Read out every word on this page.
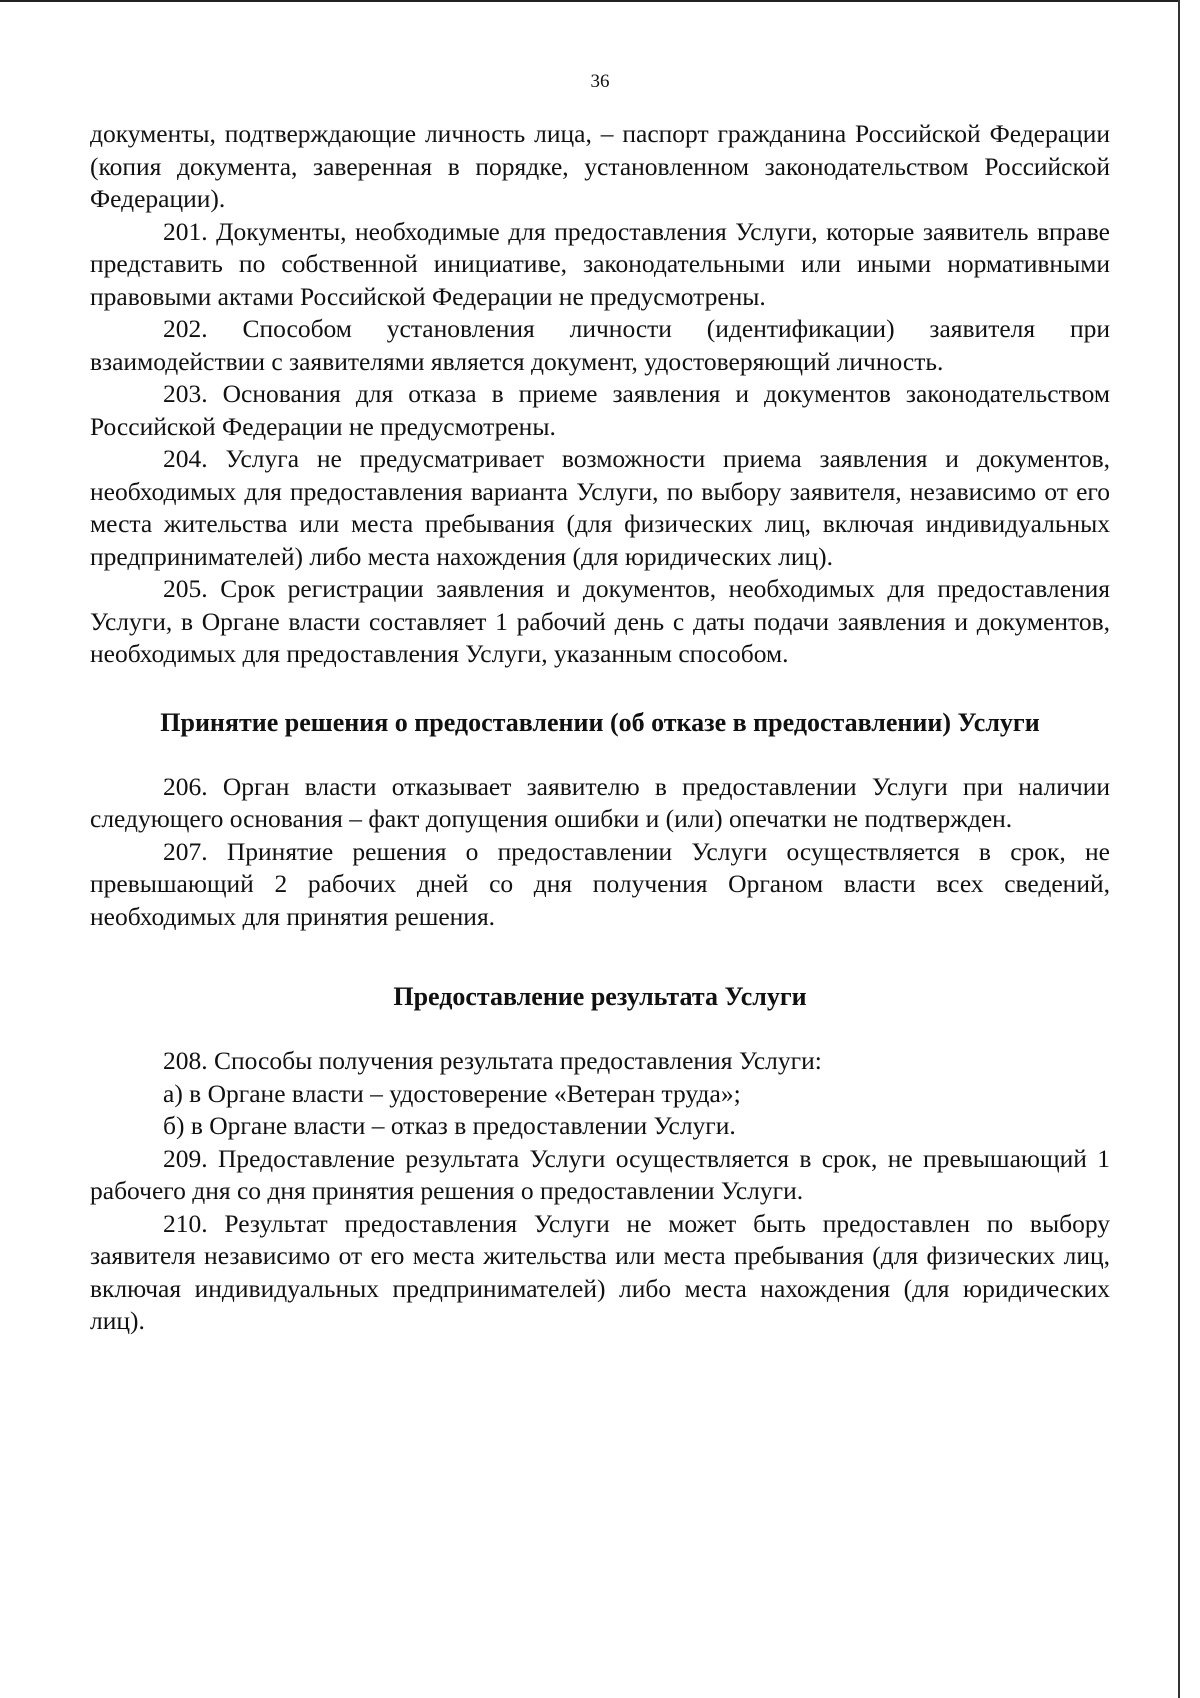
36

документы, подтверждающие личность лица, – паспорт гражданина Российской Федерации (копия документа, заверенная в порядке, установленном законодательством Российской Федерации).

201. Документы, необходимые для предоставления Услуги, которые заявитель вправе представить по собственной инициативе, законодательными или иными нормативными правовыми актами Российской Федерации не предусмотрены.

202. Способом установления личности (идентификации) заявителя при взаимодействии с заявителями является документ, удостоверяющий личность.

203. Основания для отказа в приеме заявления и документов законодательством Российской Федерации не предусмотрены.

204. Услуга не предусматривает возможности приема заявления и документов, необходимых для предоставления варианта Услуги, по выбору заявителя, независимо от его места жительства или места пребывания (для физических лиц, включая индивидуальных предпринимателей) либо места нахождения (для юридических лиц).

205. Срок регистрации заявления и документов, необходимых для предоставления Услуги, в Органе власти составляет 1 рабочий день с даты подачи заявления и документов, необходимых для предоставления Услуги, указанным способом.

Принятие решения о предоставлении (об отказе в предоставлении) Услуги

206. Орган власти отказывает заявителю в предоставлении Услуги при наличии следующего основания – факт допущения ошибки и (или) опечатки не подтвержден.

207. Принятие решения о предоставлении Услуги осуществляется в срок, не превышающий 2 рабочих дней со дня получения Органом власти всех сведений, необходимых для принятия решения.

Предоставление результата Услуги

208. Способы получения результата предоставления Услуги:

а) в Органе власти – удостоверение «Ветеран труда»;

б) в Органе власти – отказ в предоставлении Услуги.

209. Предоставление результата Услуги осуществляется в срок, не превышающий 1 рабочего дня со дня принятия решения о предоставлении Услуги.

210. Результат предоставления Услуги не может быть предоставлен по выбору заявителя независимо от его места жительства или места пребывания (для физических лиц, включая индивидуальных предпринимателей) либо места нахождения (для юридических лиц).
